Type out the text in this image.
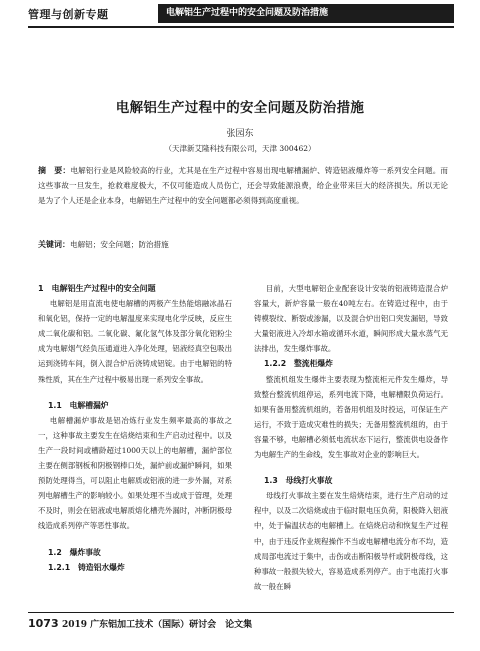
管理与创新专题	电解铝生产过程中的安全问题及防治措施
电解铝生产过程中的安全问题及防治措施
张园东
（天津新艾隆科技有限公司，天津 300462）
摘　要：电解铝行业是风险较高的行业，尤其是在生产过程中容易出现电解槽漏炉、铸造铝液爆炸等一系列安全问题。而这些事故一旦发生，抢救难度极大，不仅可能造成人员伤亡，还会导致能源浪费，给企业带来巨大的经济损失。所以无论是为了个人还是企业本身，电解铝生产过程中的安全问题都必须得到高度重视。
关键词：电解铝；安全问题；防治措施
1　电解铝生产过程中的安全问题

电解铝是用直流电使电解槽的两极产生热能熔融冰晶石和氧化铝，保持一定的电解温度来实现电化学反映，反应生成二氧化碳和铝。二氧化碳、氟化氢气体及部分氧化铝粉尘成为电解烟气经负压通道进入净化处理，铝液经真空包吸出运到浇铸车间，倒入混合炉后浇铸成铝锭。由于电解铝的特殊性质，其在生产过程中极易出现一系列安全事故。

1.1　电解槽漏炉

电解槽漏炉事故是铝冶炼行业发生频率最高的事故之一，这种事故主要发生在焙烧结束和生产启动过程中。以及生产一段时间或槽龄超过1000天以上的电解槽，漏炉部位主要在侧部钢板和阴极钢棒口处，漏炉前或漏炉瞬间，如果预防处理得当，可以阻止电解质或铝液的进一步外漏，对系列电解槽生产的影响较小。如果处理不当或成于管理，处理不及时，则会在铝液或电解质熔化槽壳外漏时，冲断阴极母线造成系列停产等恶性事故。

1.2　爆炸事故
1.2.1　铸造铝水爆炸

目前，大型电解铝企业配套设计安装的铝液铸造混合炉容量大，新炉容量一般在40吨左右。在铸造过程中，由于铸模裂纹、断裂或渗漏，以及混合炉出铝口突发漏铝，导致大量铝液进入冷却水箱或循环水道，瞬间形成大量水蒸气无法排出，发生爆炸事故。

1.2.2　整流柜爆炸

整流机组发生爆炸主要表现为整流柜元件发生爆炸，导致整台整流机组停运，系列电流下降，电解槽限负荷运行。如果有备用整流机组的，若备用机组及时投运，可保证生产运行，不致于造成灾难性的损失；无备用整流机组的，由于容量不够，电解槽必须低电流状态下运行，整流供电设备作为电解生产的生命线，发生事故对企业的影响巨大。

1.3　母线打火事故

母线打火事故主要在发生焙烧结束，进行生产启动的过程中，以及二次焙烧或由于临时限电压负荷，阳极降入铝液中，处于偏温状态的电解槽上。在焙烧启动和恢复生产过程中，由于违反作业规程操作不当或电解槽电流分布不均，造成局部电流过于集中，击伤或击断阳极导杆或阴极母线，这种事故一般损失较大，容易造成系列停产。由于电流打火事故一般在瞬

1073 2019 广东铝加工技术（国际）研讨会　论文集
